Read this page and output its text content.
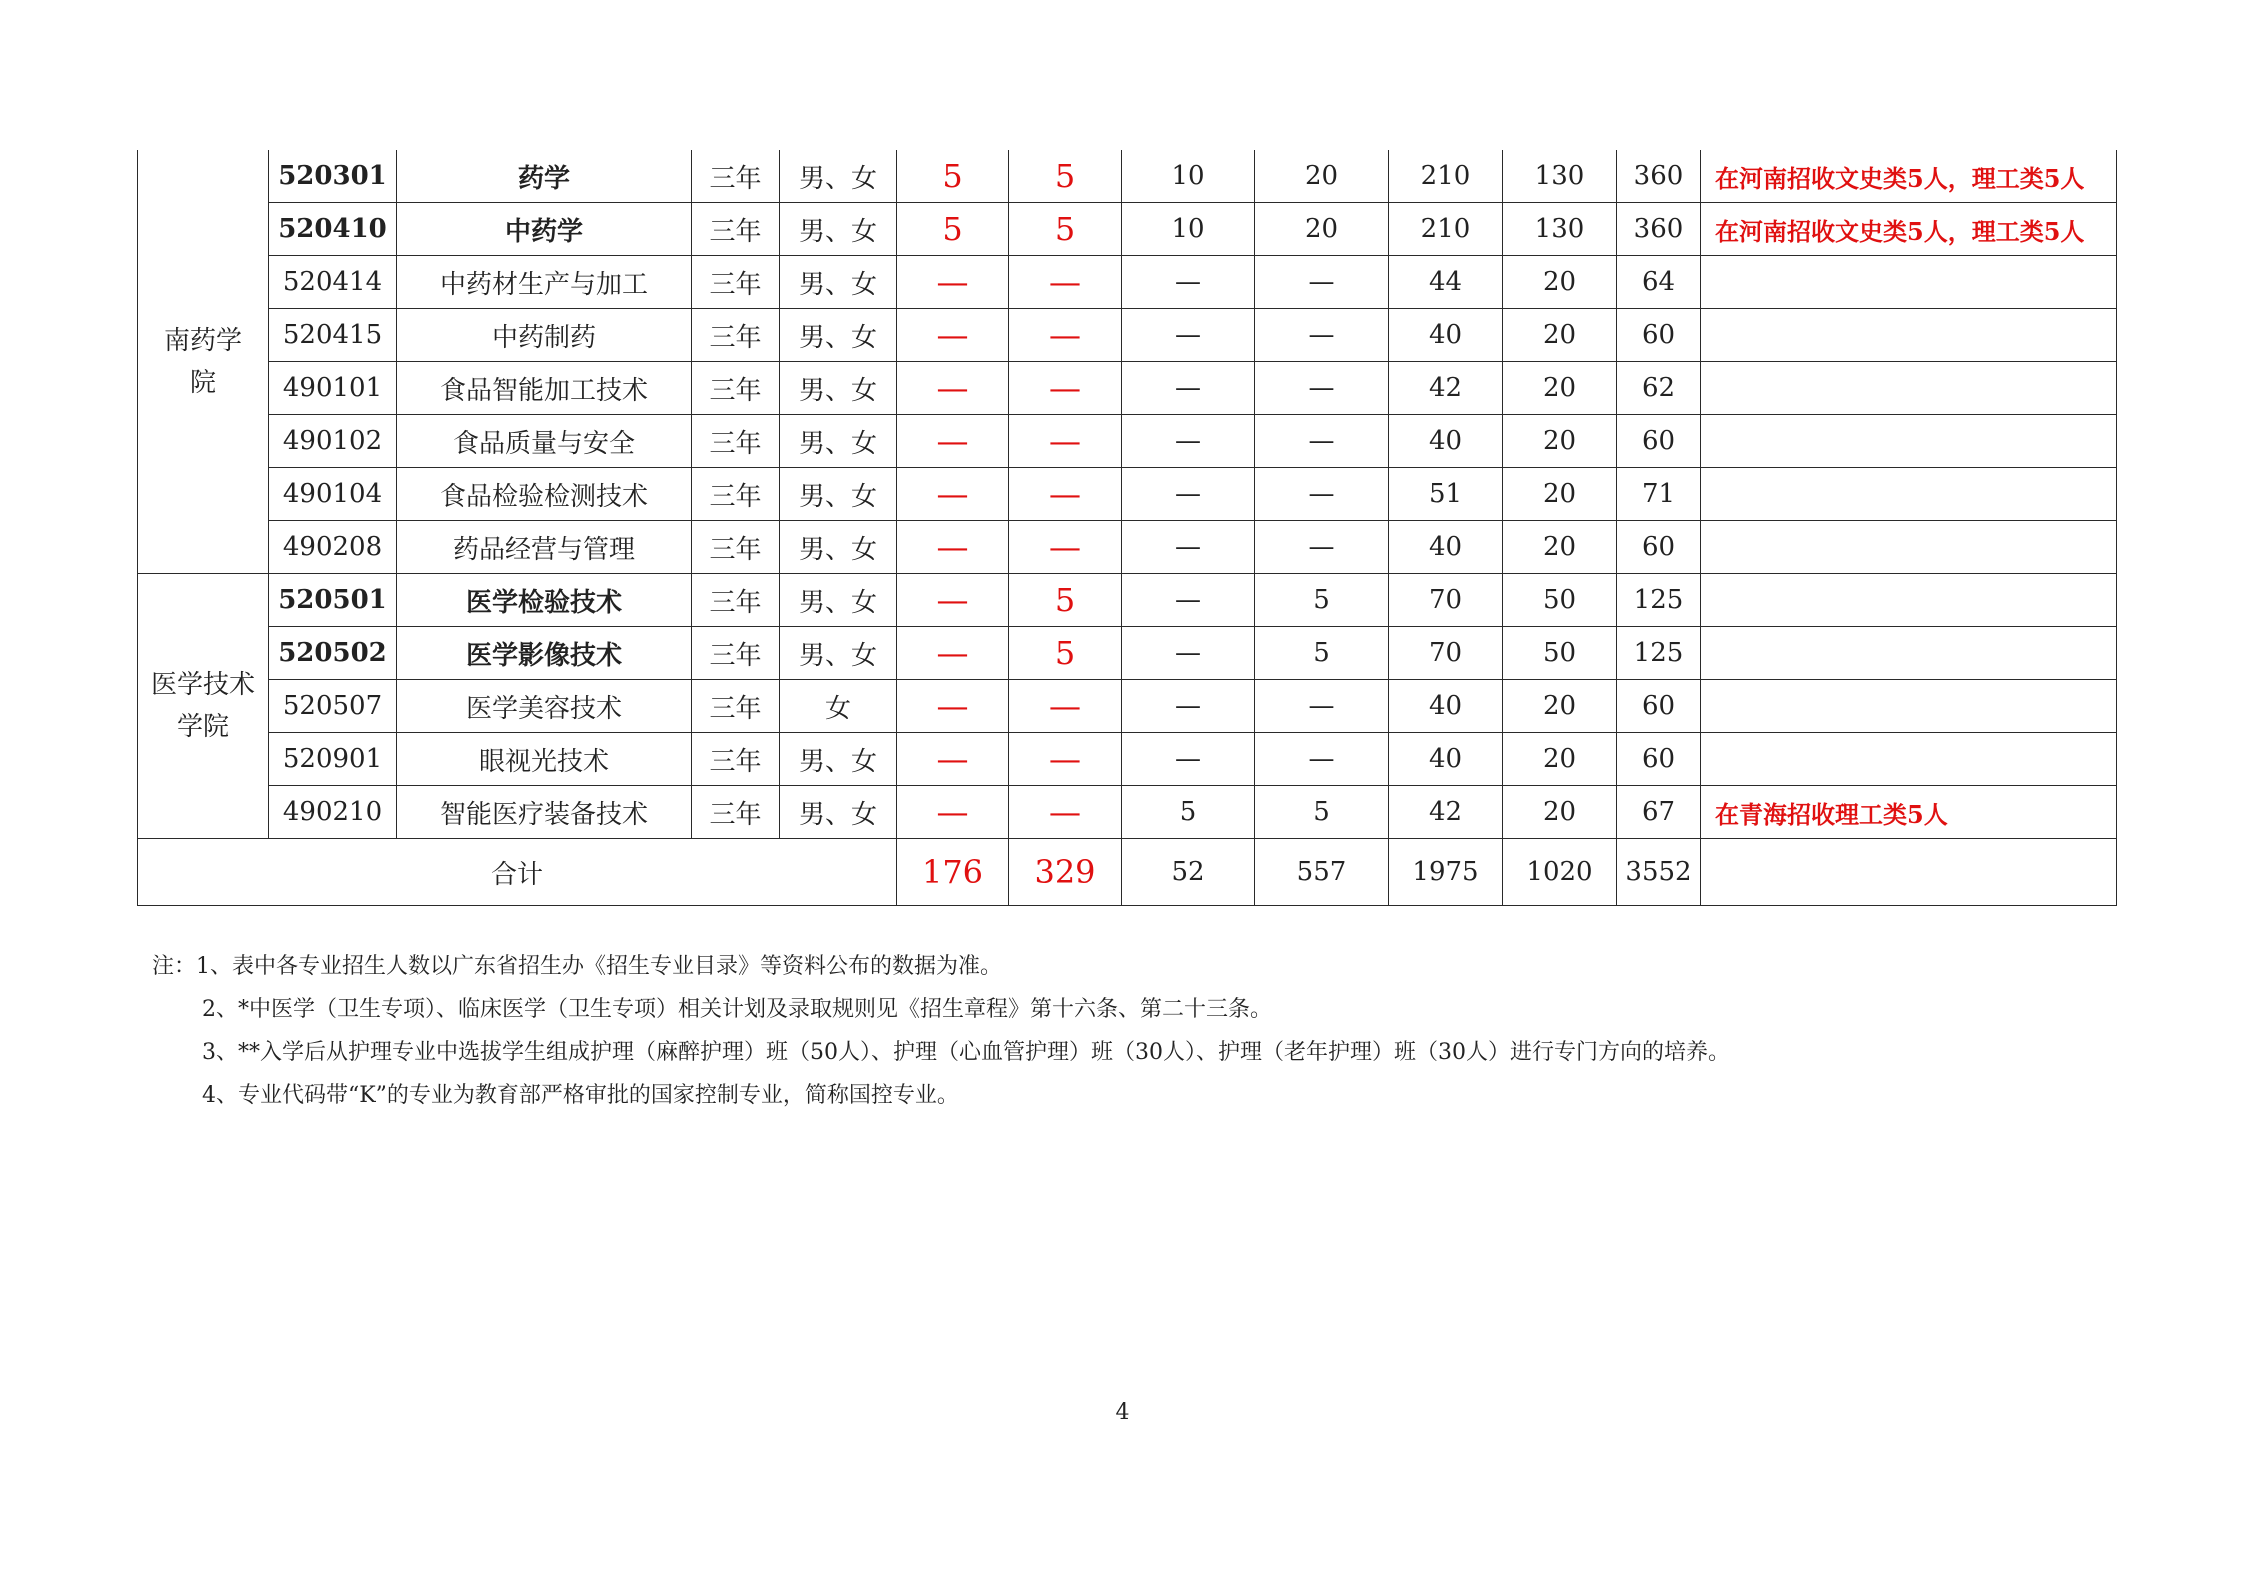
南药学院	520301	药学	三年	男、女	5	5	10	20	210	130	360	在河南招收文史类5人，理工类5人
	520410	中药学	三年	男、女	5	5	10	20	210	130	360	在河南招收文史类5人，理工类5人
	520414	中药材生产与加工	三年	男、女	—	—	—	—	44	20	64	
	520415	中药制药	三年	男、女	—	—	—	—	40	20	60	
	490101	食品智能加工技术	三年	男、女	—	—	—	—	42	20	62	
	490102	食品质量与安全	三年	男、女	—	—	—	—	40	20	60	
	490104	食品检验检测技术	三年	男、女	—	—	—	—	51	20	71	
	490208	药品经营与管理	三年	男、女	—	—	—	—	40	20	60	

医学技术学院	520501	医学检验技术	三年	男、女	—	5	—	5	70	50	125	
	520502	医学影像技术	三年	男、女	—	5	—	5	70	50	125	
	520507	医学美容技术	三年	女	—	—	—	—	40	20	60	
	520901	眼视光技术	三年	男、女	—	—	—	—	40	20	60	
	490210	智能医疗装备技术	三年	男、女	—	—	5	5	42	20	67	在青海招收理工类5人
合计					176	329	52	557	1975	1020	3552	
注：1、表中各专业招生人数以广东省招生办《招生专业目录》等资料公布的数据为准。
2、*中医学（卫生专项）、临床医学（卫生专项）相关计划及录取规则见《招生章程》第十六条、第二十三条。
3、**入学后从护理专业中选拔学生组成护理（麻醉护理）班（50人）、护理（心血管护理）班（30人）、护理（老年护理）班（30人）进行专门方向的培养。
4、专业代码带“K”的专业为教育部严格审批的国家控制专业，简称国控专业。
4
